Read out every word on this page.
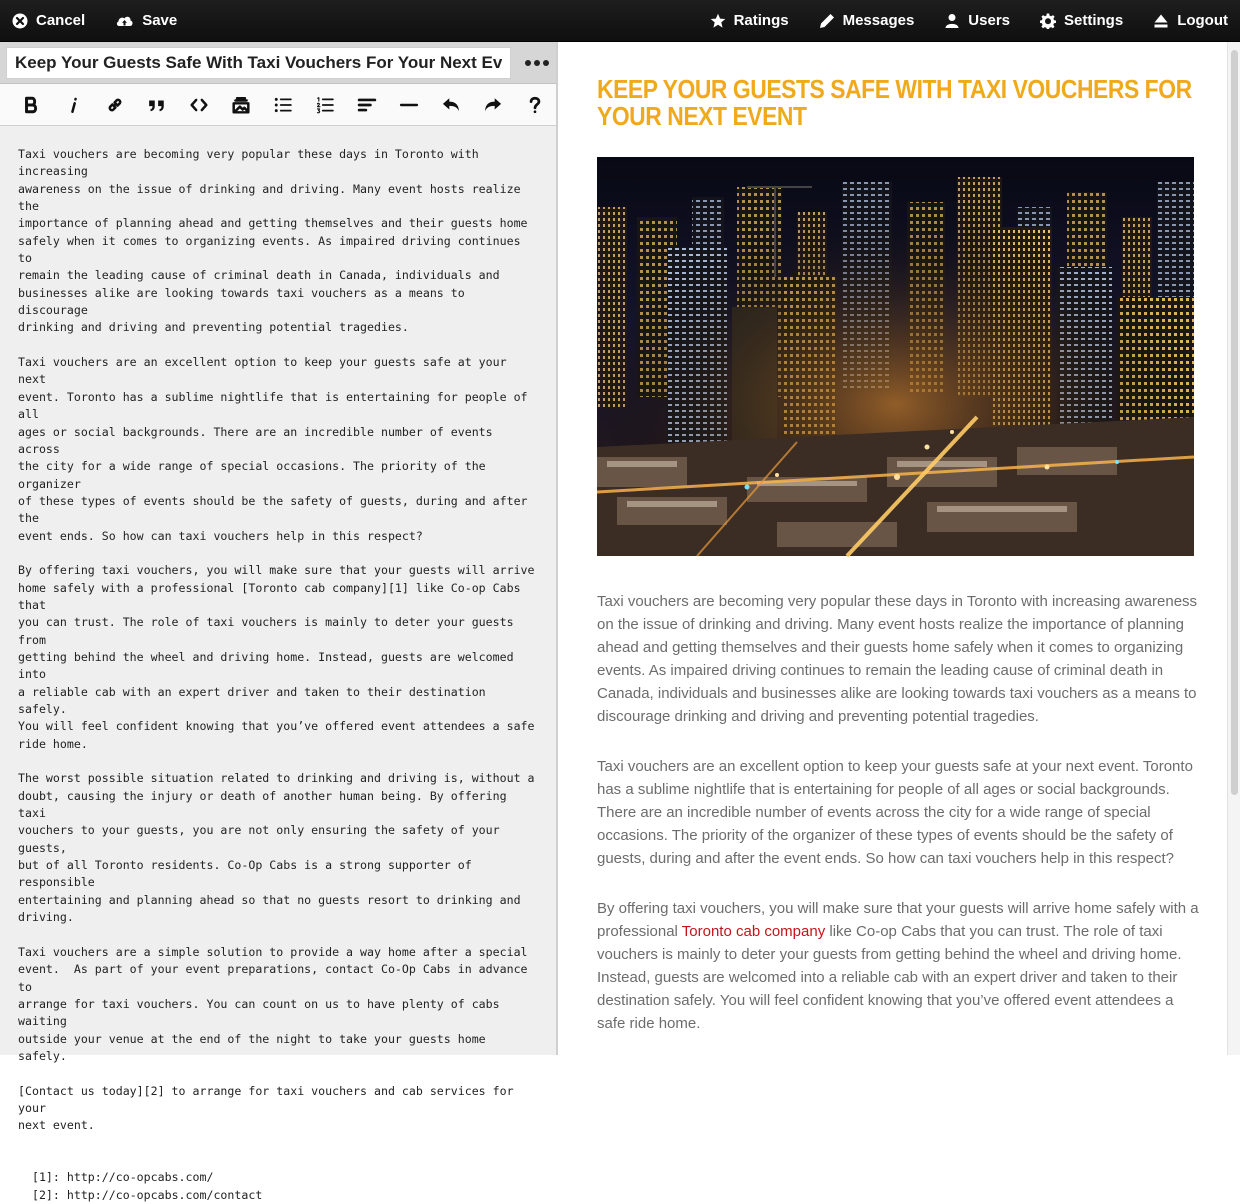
Cancel	Save	Ratings	Messages	Users	Settings	Logout
Keep Your Guests Safe With Taxi Vouchers For Your Next Event
Taxi vouchers are becoming very popular these days in Toronto with increasing
awareness on the issue of drinking and driving. Many event hosts realize the
importance of planning ahead and getting themselves and their guests home
safely when it comes to organizing events. As impaired driving continues to
remain the leading cause of criminal death in Canada, individuals and
businesses alike are looking towards taxi vouchers as a means to discourage
drinking and driving and preventing potential tragedies.

Taxi vouchers are an excellent option to keep your guests safe at your next
event. Toronto has a sublime nightlife that is entertaining for people of all
ages or social backgrounds. There are an incredible number of events across
the city for a wide range of special occasions. The priority of the organizer
of these types of events should be the safety of guests, during and after the
event ends. So how can taxi vouchers help in this respect?

By offering taxi vouchers, you will make sure that your guests will arrive
home safely with a professional [Toronto cab company][1] like Co-op Cabs that
you can trust. The role of taxi vouchers is mainly to deter your guests from
getting behind the wheel and driving home. Instead, guests are welcomed into
a reliable cab with an expert driver and taken to their destination safely.
You will feel confident knowing that you’ve offered event attendees a safe
ride home.

The worst possible situation related to drinking and driving is, without a
doubt, causing the injury or death of another human being. By offering taxi
vouchers to your guests, you are not only ensuring the safety of your guests,
but of all Toronto residents. Co-Op Cabs is a strong supporter of responsible
entertaining and planning ahead so that no guests resort to drinking and
driving.

Taxi vouchers are a simple solution to provide a way home after a special
event.  As part of your event preparations, contact Co-Op Cabs in advance to
arrange for taxi vouchers. You can count on us to have plenty of cabs waiting
outside your venue at the end of the night to take your guests home safely.

[Contact us today][2] to arrange for taxi vouchers and cab services for your
next event.

[1]: http://co-opcabs.com/
[2]: http://co-opcabs.com/contact
KEEP YOUR GUESTS SAFE WITH TAXI VOUCHERS FOR YOUR NEXT EVENT

Taxi vouchers are becoming very popular these days in Toronto with increasing awareness on the issue of drinking and driving. Many event hosts realize the importance of planning ahead and getting themselves and their guests home safely when it comes to organizing events. As impaired driving continues to remain the leading cause of criminal death in Canada, individuals and businesses alike are looking towards taxi vouchers as a means to discourage drinking and driving and preventing potential tragedies.

Taxi vouchers are an excellent option to keep your guests safe at your next event. Toronto has a sublime nightlife that is entertaining for people of all ages or social backgrounds. There are an incredible number of events across the city for a wide range of special occasions. The priority of the organizer of these types of events should be the safety of guests, during and after the event ends. So how can taxi vouchers help in this respect?

By offering taxi vouchers, you will make sure that your guests will arrive home safely with a professional Toronto cab company like Co-op Cabs that you can trust. The role of taxi vouchers is mainly to deter your guests from getting behind the wheel and driving home. Instead, guests are welcomed into a reliable cab with an expert driver and taken to their destination safely. You will feel confident knowing that you’ve offered event attendees a safe ride home.
